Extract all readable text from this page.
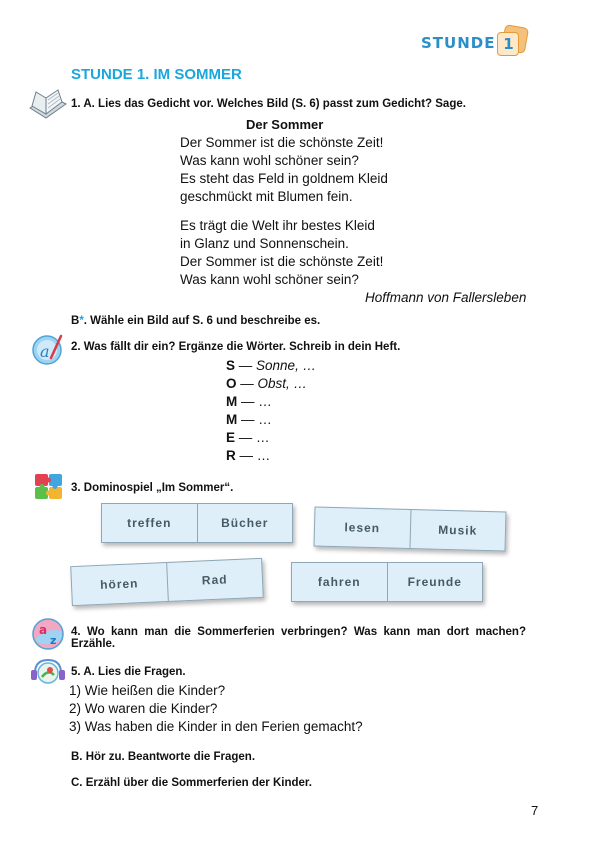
STUNDE 1
STUNDE 1. IM SOMMER
1. A. Lies das Gedicht vor. Welches Bild (S. 6) passt zum Gedicht? Sage.
Der Sommer
Der Sommer ist die schönste Zeit!
Was kann wohl schöner sein?
Es steht das Feld in goldnem Kleid
geschmückt mit Blumen fein.
Es trägt die Welt ihr bestes Kleid
in Glanz und Sonnenschein.
Der Sommer ist die schönste Zeit!
Was kann wohl schöner sein?
Hoffmann von Fallersleben
B*. Wähle ein Bild auf S. 6 und beschreibe es.
a 2. Was fällt dir ein? Ergänze die Wörter. Schreib in dein Heft.
S — Sonne, …
O — Obst, …
M — …
M — …
E — …
R — …
3. Dominospiel „Im Sommer“.
treffen	Bücher	lesen	Musik
hören	Rad	fahren	Freunde
a
z
4. Wo kann man die Sommerferien verbringen? Was kann man dort machen?
Erzähle.
5. A. Lies die Fragen.
1) Wie heißen die Kinder?
2) Wo waren die Kinder?
3) Was haben die Kinder in den Ferien gemacht?
B. Hör zu. Beantworte die Fragen.
C. Erzähl über die Sommerferien der Kinder.
7
